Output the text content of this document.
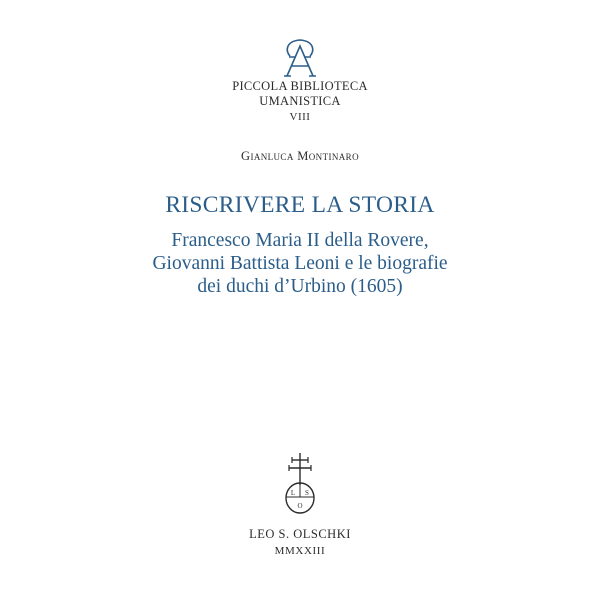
PICCOLA BIBLIOTECA
UMANISTICA
VIII
Gianluca Montinaro
RISCRIVERE LA STORIA
Francesco Maria II della Rovere,
Giovanni Battista Leoni e le biografie
dei duchi d’Urbino (1605)
L S
O
LEO S. OLSCHKI
MMXXIII
